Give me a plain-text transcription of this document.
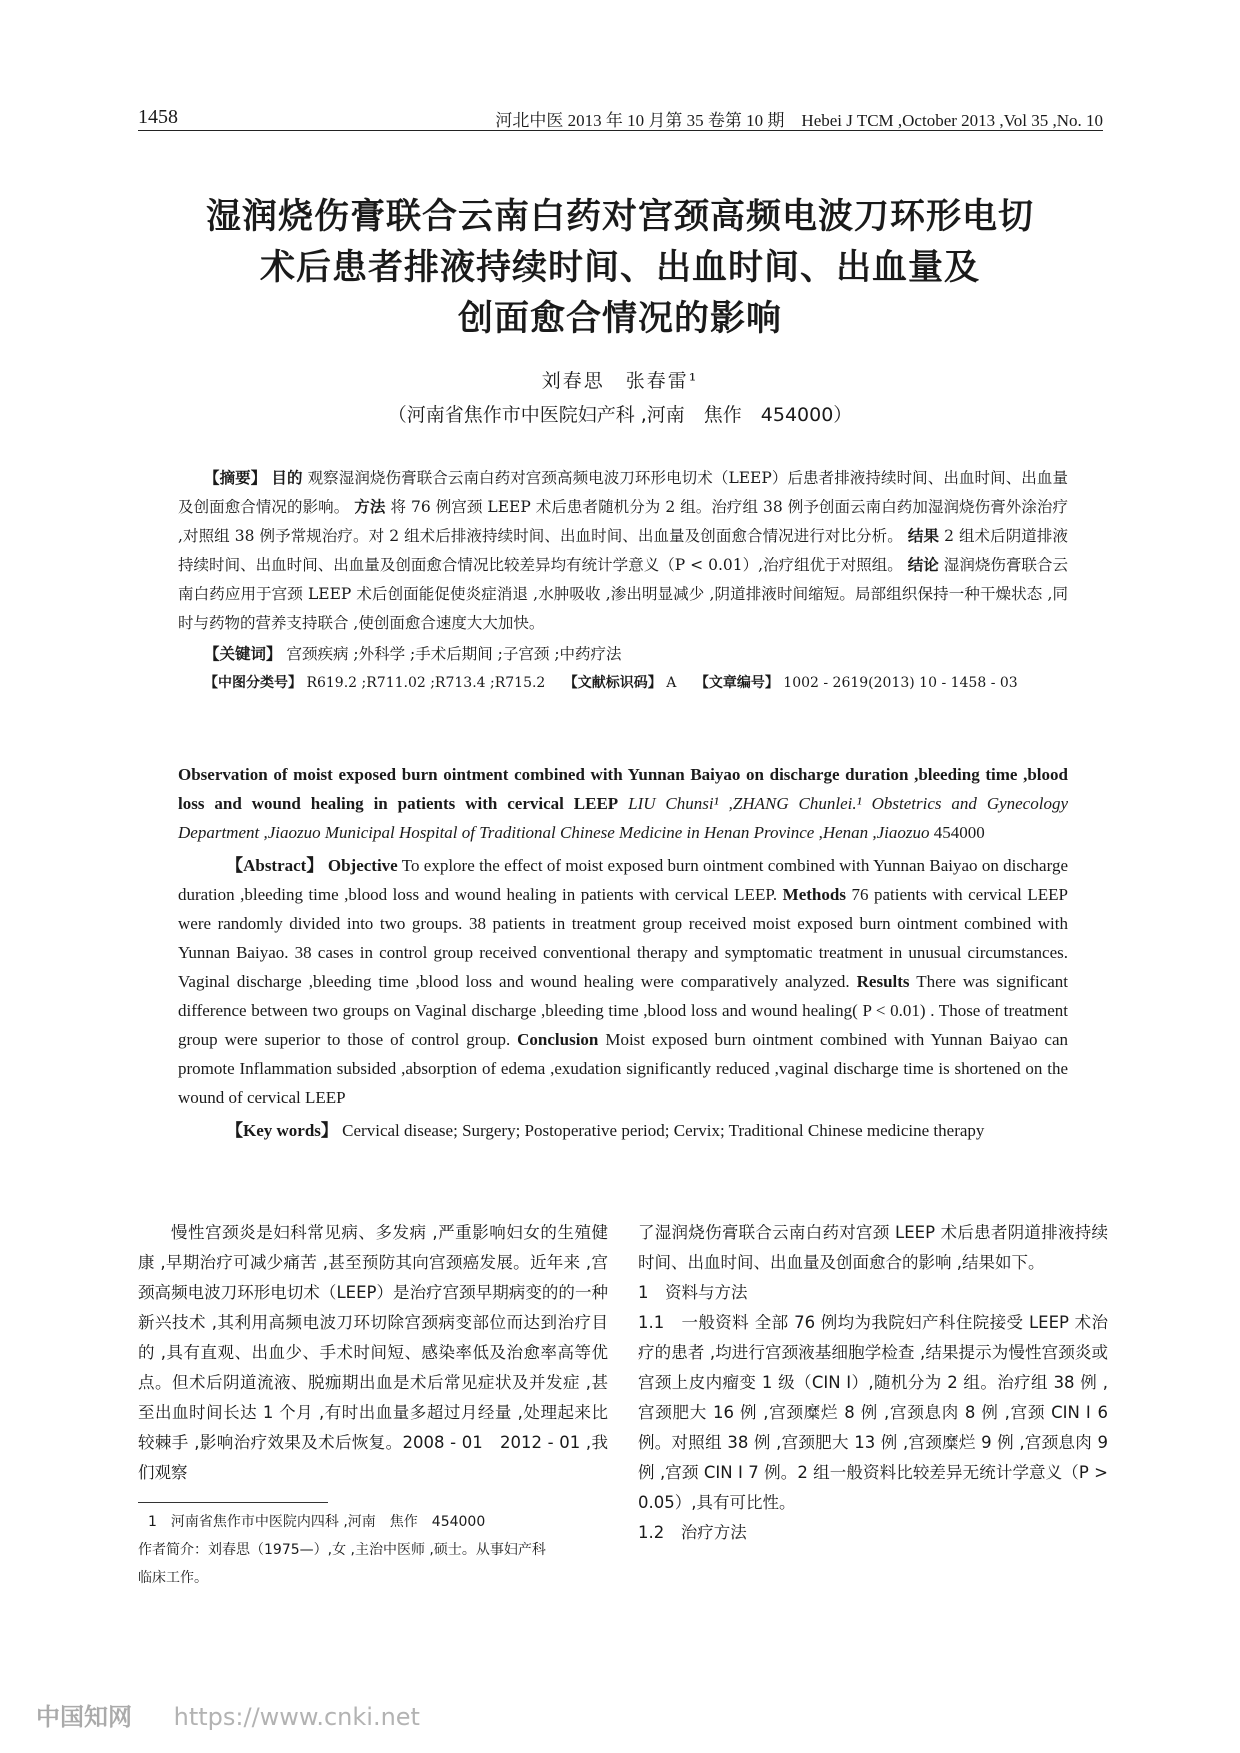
1458	河北中医 2013 年 10 月第 35 卷第 10 期　Hebei J TCM ,October 2013 ,Vol 35 ,No. 10
湿润烧伤膏联合云南白药对宫颈高频电波刀环形电切
术后患者排液持续时间、出血时间、出血量及
创面愈合情况的影响
刘春思　张春雷¹
（河南省焦作市中医院妇产科 ,河南　焦作　454000）
【摘要】 目的 观察湿润烧伤膏联合云南白药对宫颈高频电波刀环形电切术（LEEP）后患者排液持续时间、出血时间、出血量及创面愈合情况的影响。 方法 将 76 例宫颈 LEEP 术后患者随机分为 2 组。治疗组 38 例予创面云南白药加湿润烧伤膏外涂治疗 ,对照组 38 例予常规治疗。对 2 组术后排液持续时间、出血时间、出血量及创面愈合情况进行对比分析。 结果 2 组术后阴道排液持续时间、出血时间、出血量及创面愈合情况比较差异均有统计学意义（P < 0.01）,治疗组优于对照组。 结论 湿润烧伤膏联合云南白药应用于宫颈 LEEP 术后创面能促使炎症消退 ,水肿吸收 ,渗出明显减少 ,阴道排液时间缩短。局部组织保持一种干燥状态 ,同时与药物的营养支持联合 ,使创面愈合速度大大加快。
【关键词】 宫颈疾病 ;外科学 ;手术后期间 ;子宫颈 ;中药疗法
【中图分类号】 R619.2 ;R711.02 ;R713.4 ;R715.2　 【文献标识码】 A　 【文章编号】 1002 - 2619(2013) 10 - 1458 - 03
Observation of moist exposed burn ointment combined with Yunnan Baiyao on discharge duration ,bleeding time ,blood loss and wound healing in patients with cervical LEEP LIU Chunsi¹ ,ZHANG Chunlei.¹ Obstetrics and Gynecology Department ,Jiaozuo Municipal Hospital of Traditional Chinese Medicine in Henan Province ,Henan ,Jiaozuo 454000
【Abstract】 Objective To explore the effect of moist exposed burn ointment combined with Yunnan Baiyao on discharge duration ,bleeding time ,blood loss and wound healing in patients with cervical LEEP. Methods 76 patients with cervical LEEP were randomly divided into two groups. 38 patients in treatment group received moist exposed burn ointment combined with Yunnan Baiyao. 38 cases in control group received conventional therapy and symptomatic treatment in unusual circumstances. Vaginal discharge ,bleeding time ,blood loss and wound healing were comparatively analyzed. Results There was significant difference between two groups on Vaginal discharge ,bleeding time ,blood loss and wound healing( P < 0.01) . Those of treatment group were superior to those of control group. Conclusion Moist exposed burn ointment combined with Yunnan Baiyao can promote Inflammation subsided ,absorption of edema ,exudation significantly reduced ,vaginal discharge time is shortened on the wound of cervical LEEP
【Key words】 Cervical disease; Surgery; Postoperative period; Cervix; Traditional Chinese medicine therapy
慢性宫颈炎是妇科常见病、多发病 ,严重影响妇女的生殖健康 ,早期治疗可减少痛苦 ,甚至预防其向宫颈癌发展。近年来 ,宫颈高频电波刀环形电切术（LEEP）是治疗宫颈早期病变的的一种新兴技术 ,其利用高频电波刀环切除宫颈病变部位而达到治疗目的 ,具有直观、出血少、手术时间短、感染率低及治愈率高等优点。但术后阴道流液、脱痂期出血是术后常见症状及并发症 ,甚至出血时间长达 1 个月 ,有时出血量多超过月经量 ,处理起来比较棘手 ,影响治疗效果及术后恢复。2008 - 01　2012 - 01 ,我们观察
1　河南省焦作市中医院内四科 ,河南　焦作　454000
作者简介：刘春思（1975—）,女 ,主治中医师 ,硕士。从事妇产科
临床工作。
了湿润烧伤膏联合云南白药对宫颈 LEEP 术后患者阴道排液持续时间、出血时间、出血量及创面愈合的影响 ,结果如下。
1　资料与方法
1.1　一般资料 全部 76 例均为我院妇产科住院接受 LEEP 术治疗的患者 ,均进行宫颈液基细胞学检查 ,结果提示为慢性宫颈炎或宫颈上皮内瘤变 1 级（CIN Ⅰ）,随机分为 2 组。治疗组 38 例 ,宫颈肥大 16 例 ,宫颈糜烂 8 例 ,宫颈息肉 8 例 ,宫颈 CIN Ⅰ 6 例。对照组 38 例 ,宫颈肥大 13 例 ,宫颈糜烂 9 例 ,宫颈息肉 9 例 ,宫颈 CIN Ⅰ 7 例。2 组一般资料比较差异无统计学意义（P > 0.05）,具有可比性。
1.2　治疗方法
中国知网 https://www.cnki.net
